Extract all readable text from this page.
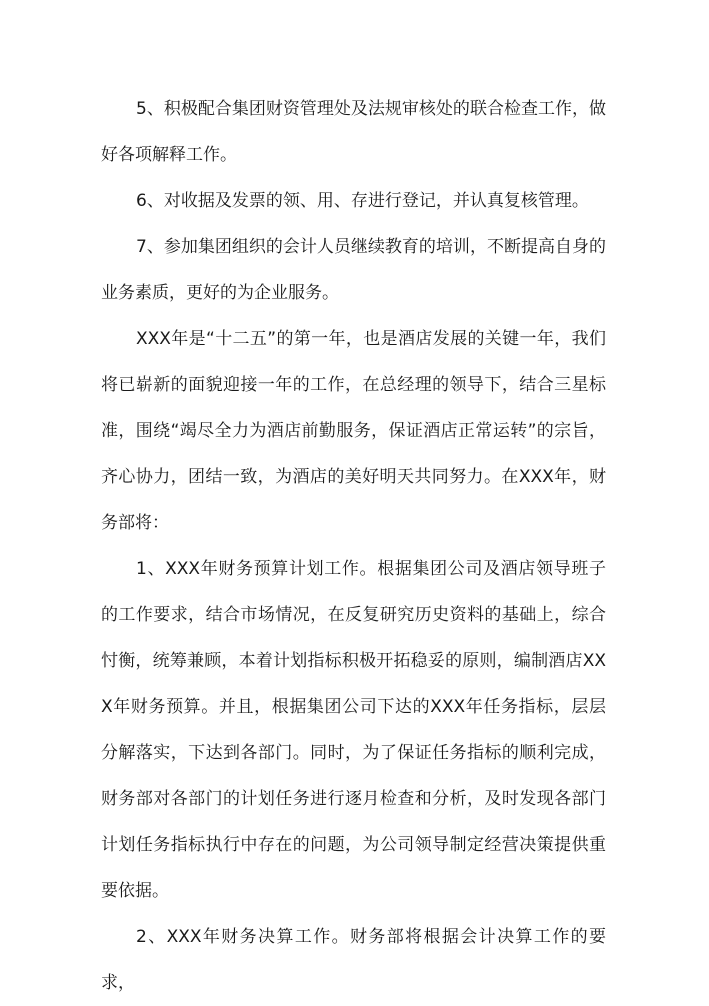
5、积极配合集团财资管理处及法规审核处的联合检查工作，做好各项解释工作。

6、对收据及发票的领、用、存进行登记，并认真复核管理。

7、参加集团组织的会计人员继续教育的培训，不断提高自身的业务素质，更好的为企业服务。

XXX年是“十二五”的第一年，也是酒店发展的关键一年，我们将已崭新的面貌迎接一年的工作，在总经理的领导下，结合三星标准，围绕“竭尽全力为酒店前勤服务，保证酒店正常运转”的宗旨，齐心协力，团结一致，为酒店的美好明天共同努力。在XXX年，财务部将：

1、XXX年财务预算计划工作。根据集团公司及酒店领导班子的工作要求，结合市场情况，在反复研究历史资料的基础上，综合忖衡，统筹兼顾，本着计划指标积极开拓稳妥的原则，编制酒店XXX年财务预算。并且，根据集团公司下达的XXX年任务指标，层层分解落实，下达到各部门。同时，为了保证任务指标的顺利完成，财务部对各部门的计划任务进行逐月检查和分析，及时发现各部门计划任务指标执行中存在的问题，为公司领导制定经营决策提供重要依据。

2、XXX年财务决算工作。财务部将根据会计决算工作的要求，
